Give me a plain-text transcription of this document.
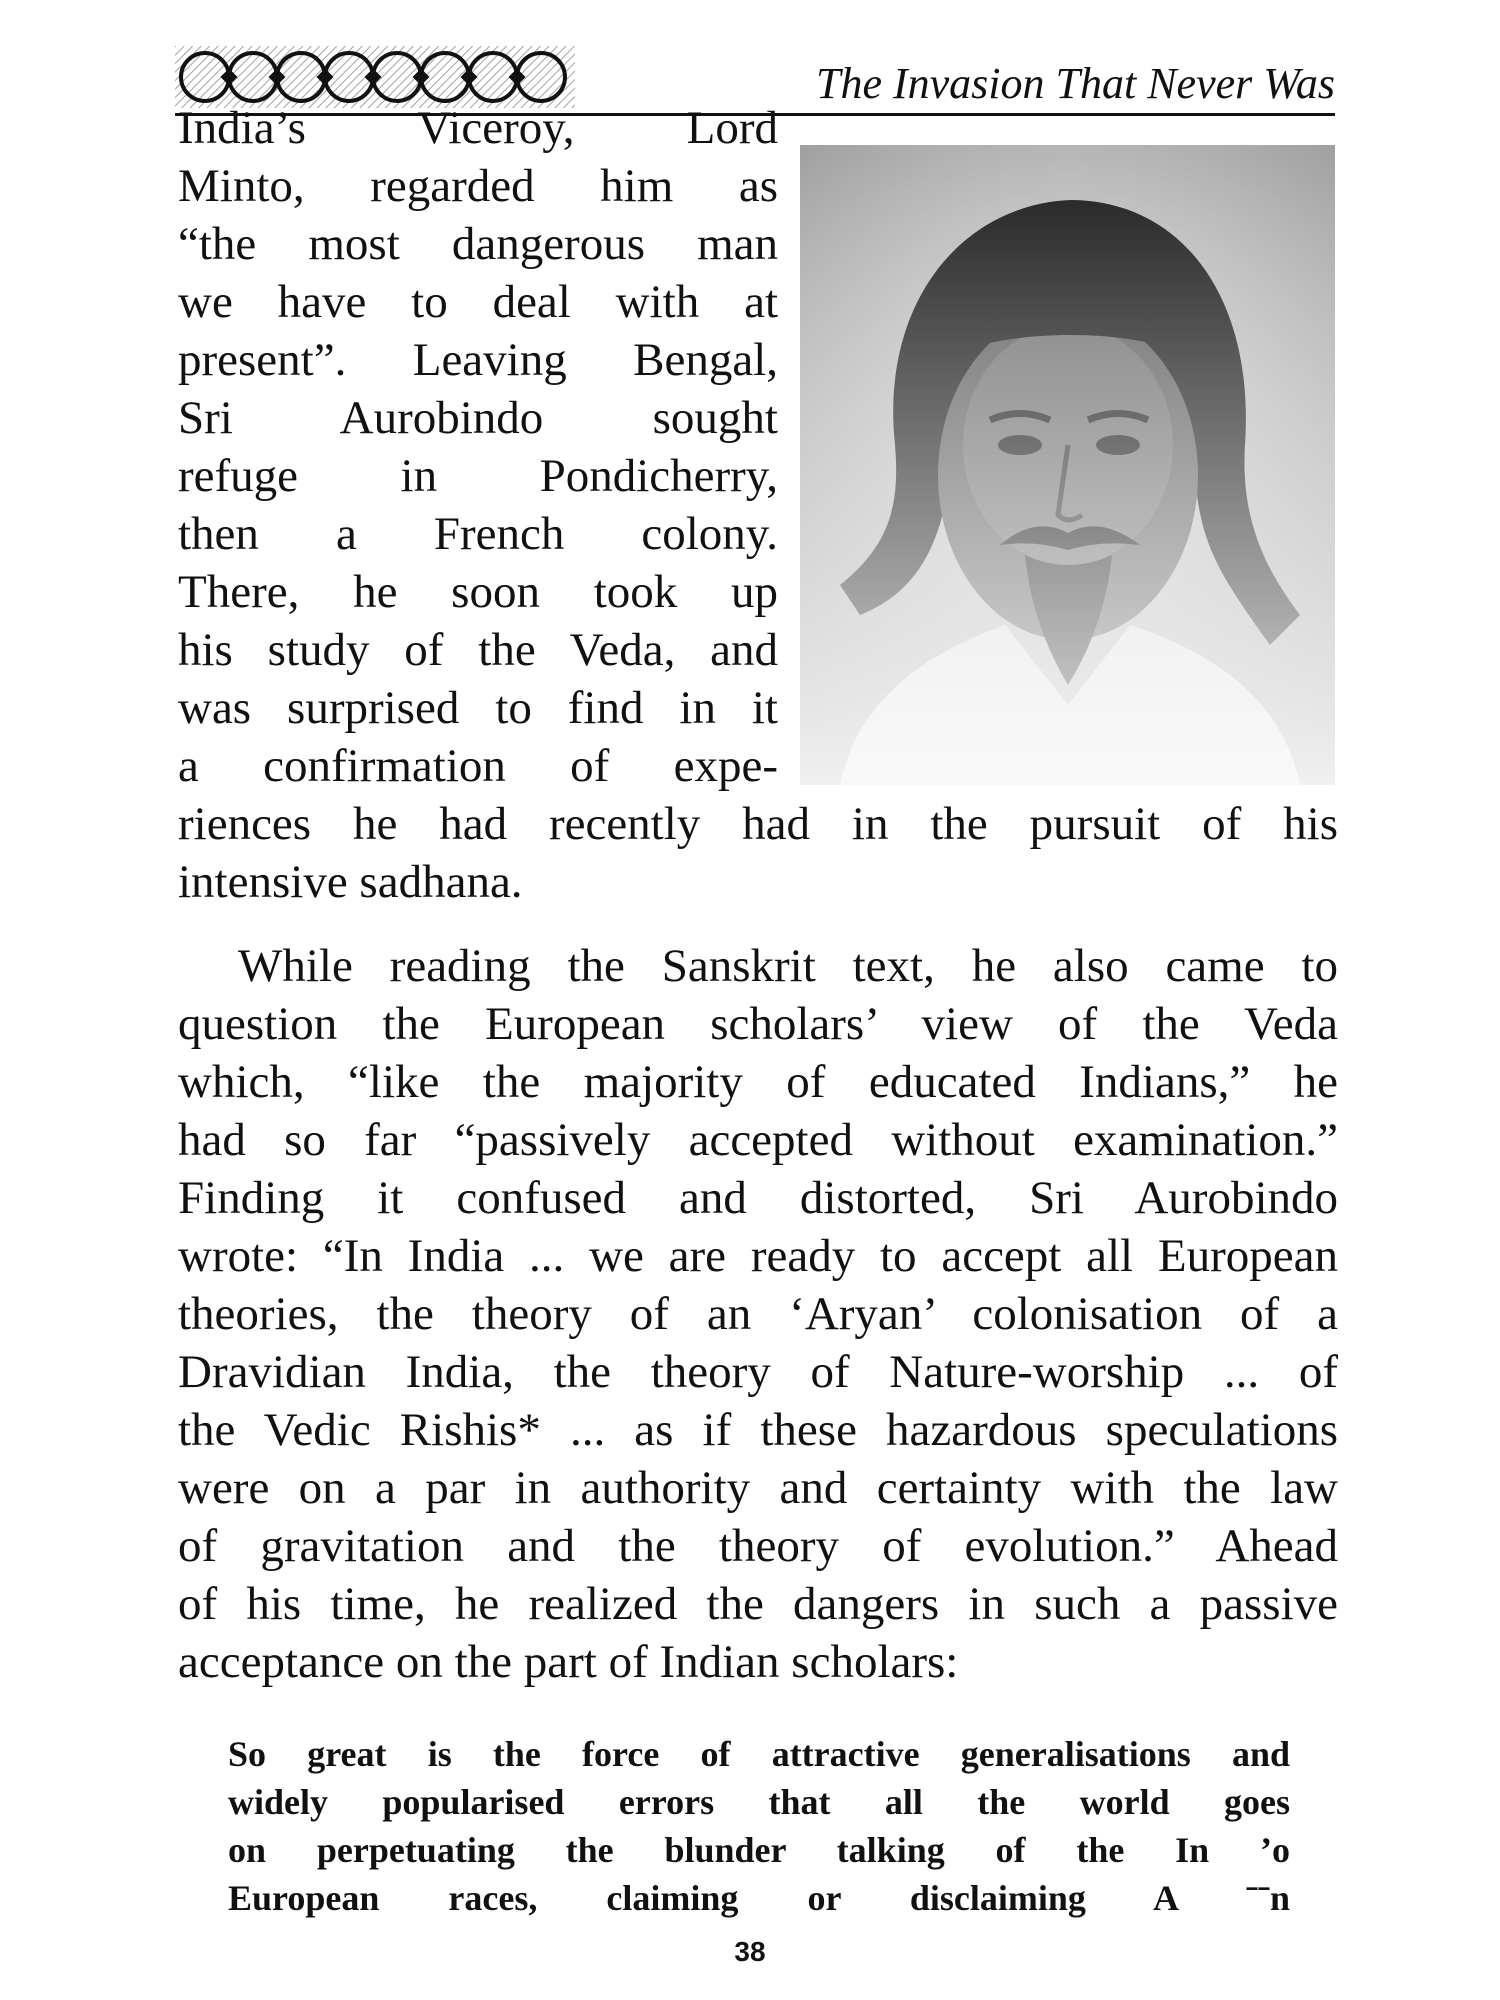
The Invasion That Never Was
India’s Viceroy, Lord
Minto, regarded him as
“the most dangerous man
we have to deal with at
present”. Leaving Bengal,
Sri Aurobindo sought
refuge in Pondicherry,
then a French colony.
There, he soon took up
his study of the Veda, and
was surprised to find in it
a confirmation of expe-
riences he had recently had in the pursuit of his
intensive sadhana.
While reading the Sanskrit text, he also came to
question the European scholars’ view of the Veda
which, “like the majority of educated Indians,” he
had so far “passively accepted without examination.”
Finding it confused and distorted, Sri Aurobindo
wrote: “In India ... we are ready to accept all European
theories, the theory of an ‘Aryan’ colonisation of a
Dravidian India, the theory of Nature-worship ... of
the Vedic Rishis* ... as if these hazardous speculations
were on a par in authority and certainty with the law
of gravitation and the theory of evolution.” Ahead
of his time, he realized the dangers in such a passive
acceptance on the part of Indian scholars:
So great is the force of attractive generalisations and
widely popularised errors that all the world goes
on perpetuating the blunder talking of the In ’o
European races, claiming or disclaiming A ˉˉn
38
